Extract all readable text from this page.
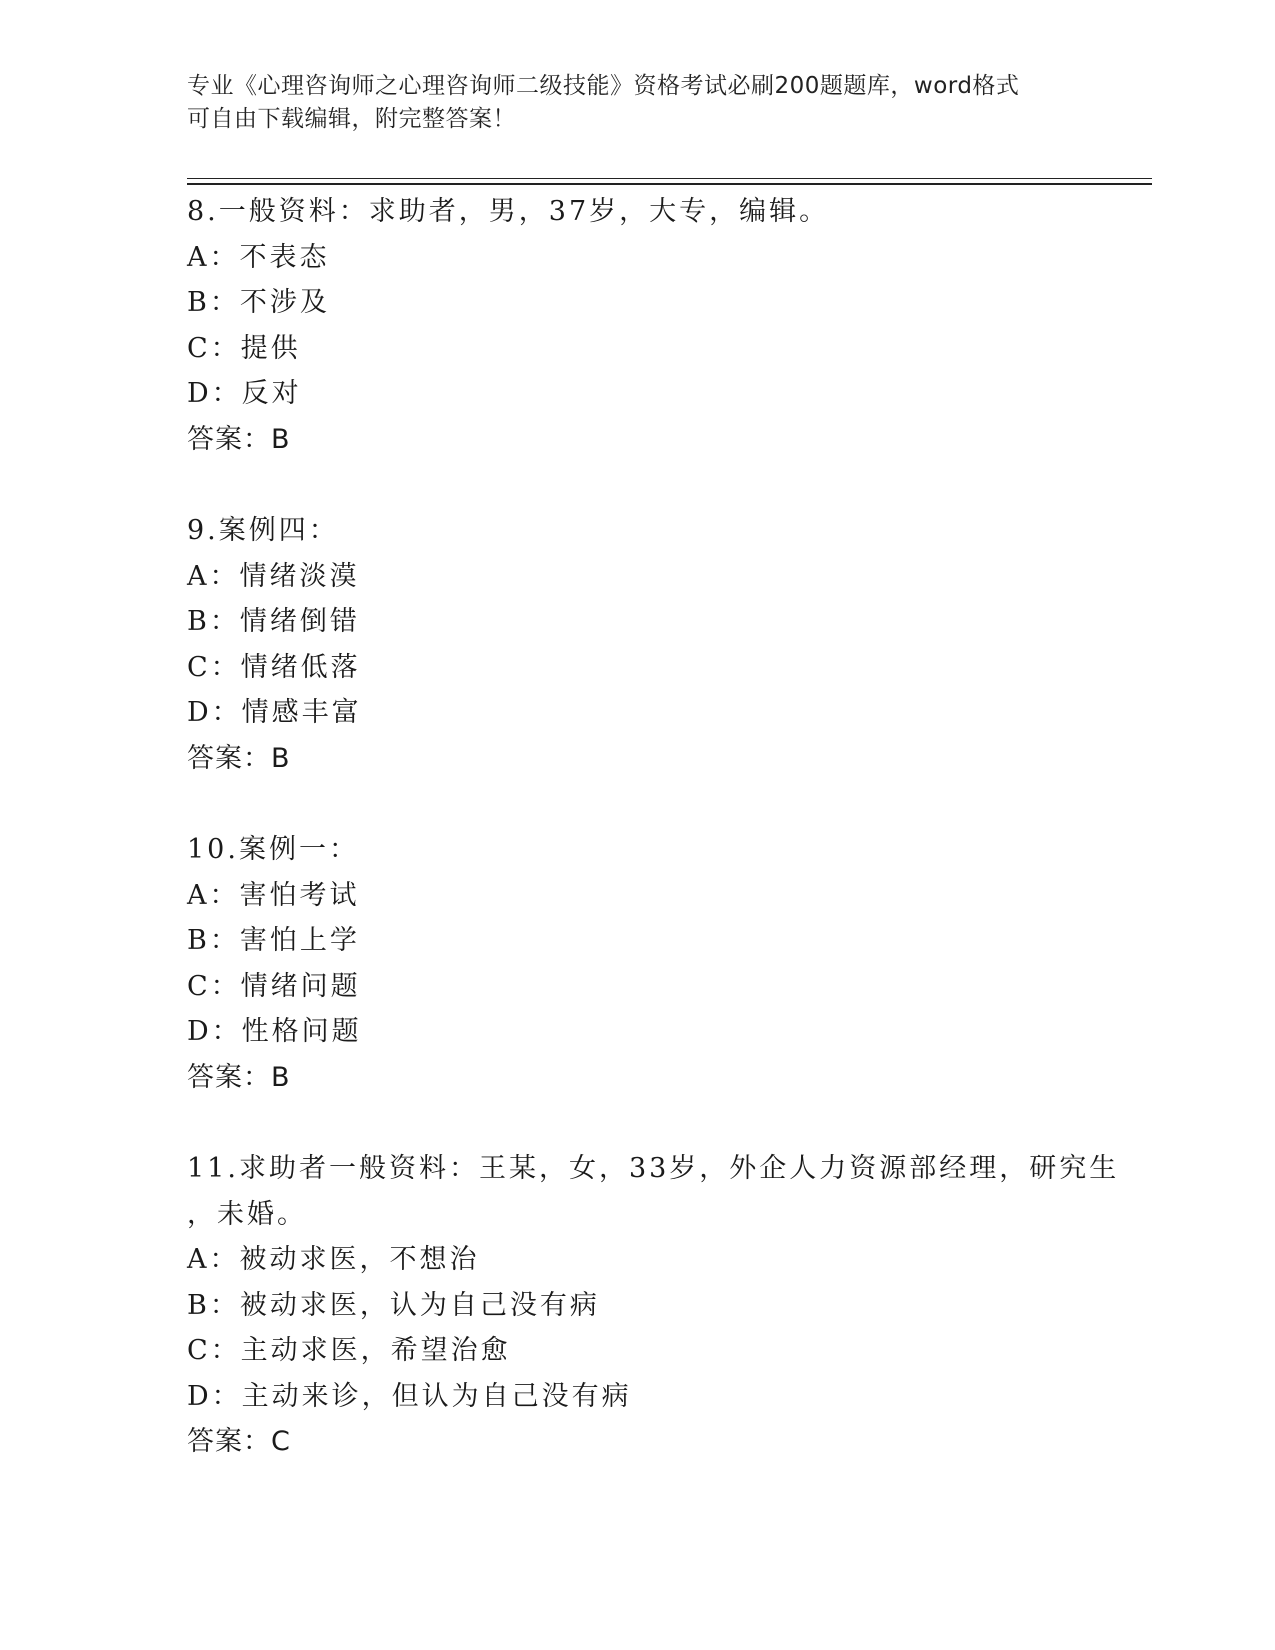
专业《心理咨询师之心理咨询师二级技能》资格考试必刷200题题库，word格式
可自由下载编辑，附完整答案！
8.一般资料：求助者，男，37岁，大专，编辑。
A：不表态
B：不涉及
C：提供
D：反对
答案：B
9.案例四：
A：情绪淡漠
B：情绪倒错
C：情绪低落
D：情感丰富
答案：B
10.案例一：
A：害怕考试
B：害怕上学
C：情绪问题
D：性格问题
答案：B
11.求助者一般资料：王某，女，33岁，外企人力资源部经理，研究生
，未婚。
A：被动求医，不想治
B：被动求医，认为自己没有病
C：主动求医，希望治愈
D：主动来诊，但认为自己没有病
答案：C
